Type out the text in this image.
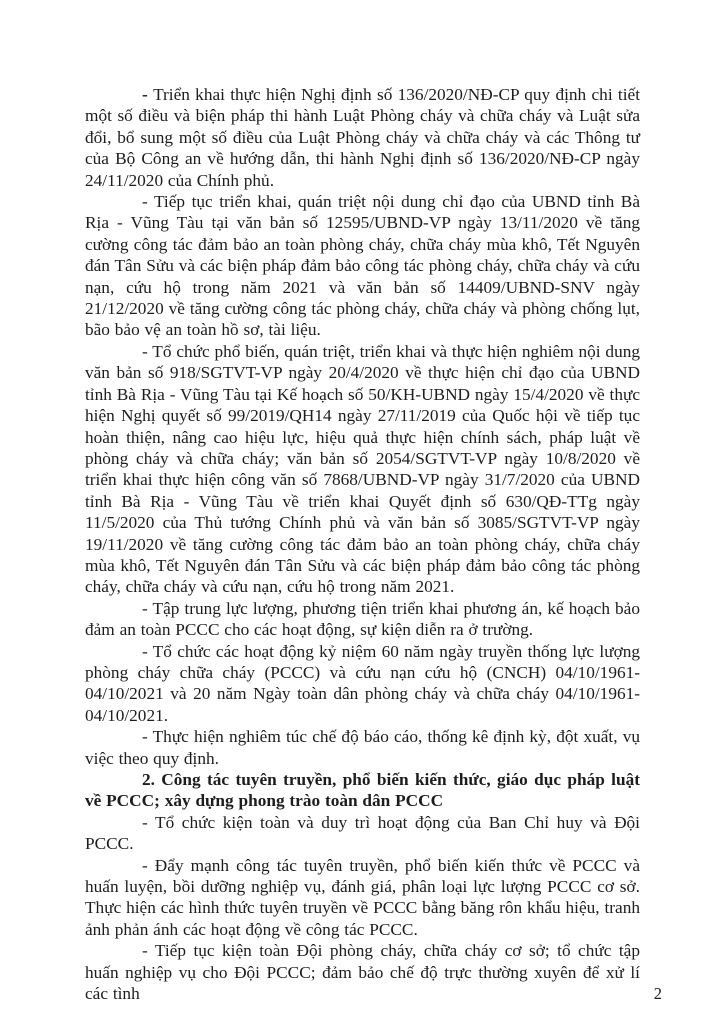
- Triển khai thực hiện Nghị định số 136/2020/NĐ-CP quy định chi tiết một số điều và biện pháp thi hành Luật Phòng cháy và chữa cháy và Luật sửa đổi, bổ sung một số điều của Luật Phòng cháy và chữa cháy và các Thông tư của Bộ Công an về hướng dẫn, thi hành Nghị định số 136/2020/NĐ-CP ngày 24/11/2020 của Chính phủ.

- Tiếp tục triển khai, quán triệt nội dung chỉ đạo của UBND tỉnh Bà Rịa - Vũng Tàu tại văn bản số 12595/UBND-VP ngày 13/11/2020 về tăng cường công tác đảm bảo an toàn phòng cháy, chữa cháy mùa khô, Tết Nguyên đán Tân Sửu và các biện pháp đảm bảo công tác phòng cháy, chữa cháy và cứu nạn, cứu hộ trong năm 2021 và văn bản số 14409/UBND-SNV ngày 21/12/2020 về tăng cường công tác phòng cháy, chữa cháy và phòng chống lụt, bão bảo vệ an toàn hồ sơ, tài liệu.

- Tổ chức phổ biến, quán triệt, triển khai và thực hiện nghiêm nội dung văn bản số 918/SGTVT-VP ngày 20/4/2020 về thực hiện chỉ đạo của UBND tỉnh Bà Rịa - Vũng Tàu tại Kế hoạch số 50/KH-UBND ngày 15/4/2020 về thực hiện Nghị quyết số 99/2019/QH14 ngày 27/11/2019 của Quốc hội về tiếp tục hoàn thiện, nâng cao hiệu lực, hiệu quả thực hiện chính sách, pháp luật về phòng cháy và chữa cháy; văn bản số 2054/SGTVT-VP ngày 10/8/2020 về triển khai thực hiện công văn số 7868/UBND-VP ngày 31/7/2020 của UBND tỉnh Bà Rịa - Vũng Tàu về triển khai Quyết định số 630/QĐ-TTg ngày 11/5/2020 của Thủ tướng Chính phủ và văn bản số 3085/SGTVT-VP ngày 19/11/2020 về tăng cường công tác đảm bảo an toàn phòng cháy, chữa cháy mùa khô, Tết Nguyên đán Tân Sửu và các biện pháp đảm bảo công tác phòng cháy, chữa cháy và cứu nạn, cứu hộ trong năm 2021.

- Tập trung lực lượng, phương tiện triển khai phương án, kế hoạch bảo đảm an toàn PCCC cho các hoạt động, sự kiện diễn ra ở trường.

- Tổ chức các hoạt động kỷ niệm 60 năm ngày truyền thống lực lượng phòng cháy chữa cháy (PCCC) và cứu nạn cứu hộ (CNCH) 04/10/1961-04/10/2021 và 20 năm Ngày toàn dân phòng cháy và chữa cháy 04/10/1961-04/10/2021.

- Thực hiện nghiêm túc chế độ báo cáo, thống kê định kỳ, đột xuất, vụ việc theo quy định.

2. Công tác tuyên truyền, phổ biến kiến thức, giáo dục pháp luật về PCCC; xây dựng phong trào toàn dân PCCC

- Tổ chức kiện toàn và duy trì hoạt động của Ban Chỉ huy và Đội PCCC.

- Đẩy mạnh công tác tuyên truyền, phổ biến kiến thức về PCCC và huấn luyện, bồi dưỡng nghiệp vụ, đánh giá, phân loại lực lượng PCCC cơ sở. Thực hiện các hình thức tuyên truyền về PCCC bằng băng rôn khẩu hiệu, tranh ảnh phản ánh các hoạt động về công tác PCCC.

- Tiếp tục kiện toàn Đội phòng cháy, chữa cháy cơ sở; tổ chức tập huấn nghiệp vụ cho Đội PCCC; đảm bảo chế độ trực thường xuyên để xử lí các tình	2
